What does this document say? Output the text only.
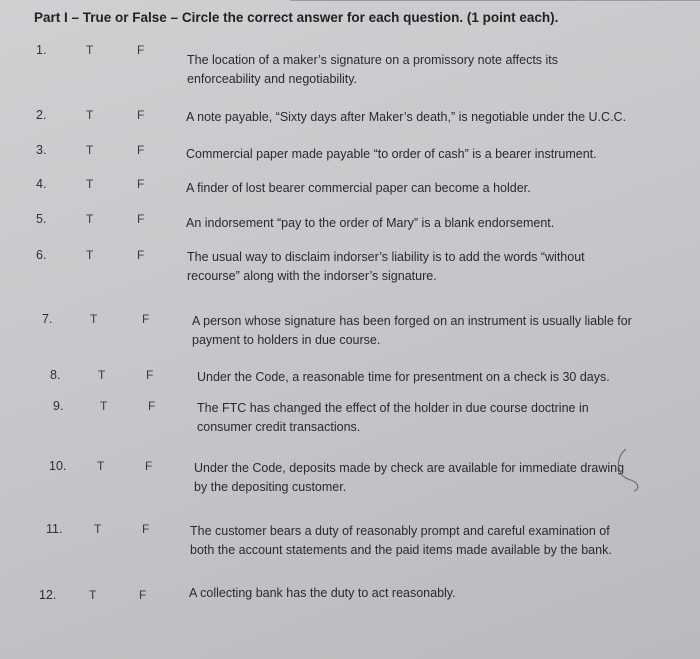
Part I – True or False – Circle the correct answer for each question. (1 point each).
1.	T	F
The location of a maker’s signature on a promissory note affects its
enforceability and negotiability.
2.	T	F	A note payable, “Sixty days after Maker’s death,” is negotiable under the U.C.C.
3.	T	F	Commercial paper made payable “to order of cash” is a bearer instrument.
4.	T	F	A finder of lost bearer commercial paper can become a holder.
5.	T	F	An indorsement “pay to the order of Mary” is a blank endorsement.
6.	T	F	The usual way to disclaim indorser’s liability is to add the words “without
recourse” along with the indorser’s signature.
7.	T	F	A person whose signature has been forged on an instrument is usually liable for
payment to holders in due course.
8.	T	F	Under the Code, a reasonable time for presentment on a check is 30 days.
9.	T	F	The FTC has changed the effect of the holder in due course doctrine in
consumer credit transactions.
10.	T	F	Under the Code, deposits made by check are available for immediate drawing
by the depositing customer.
11.	T	F	The customer bears a duty of reasonably prompt and careful examination of
both the account statements and the paid items made available by the bank.
12.	T	F	A collecting bank has the duty to act reasonably.
